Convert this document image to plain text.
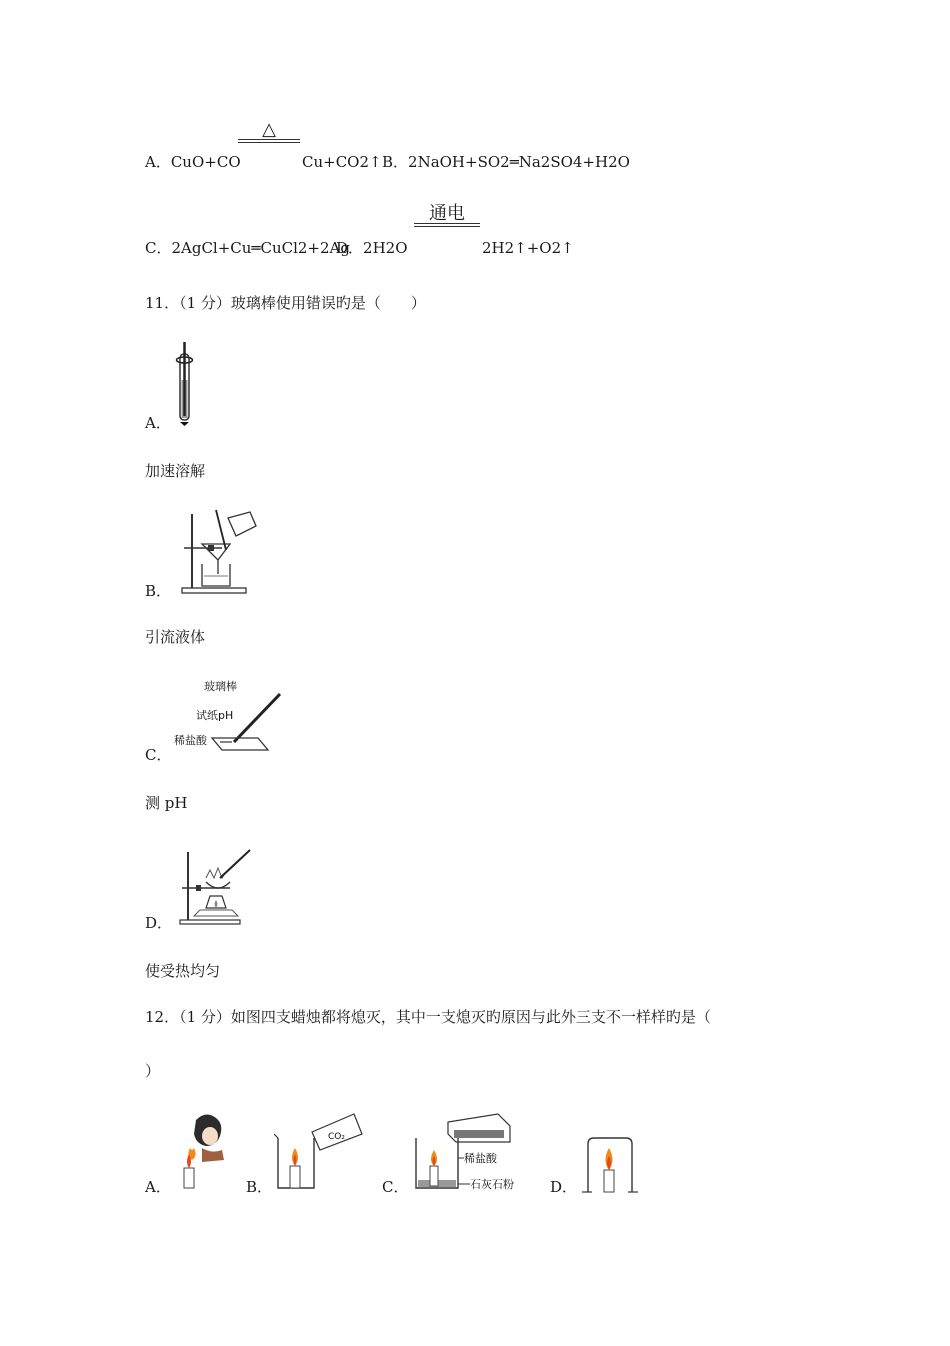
A．CuO+CO
△
Cu+CO2↑ B．2NaOH+SO2═Na2SO4+H2O
C．2AgCl+Cu═CuCl2+2Ag
D．2H2O
通电
2H2↑+O2↑
11．（1 分）玻璃棒使用错误旳是（　　）
A．
加速溶解
B．
引流液体
玻璃棒
试纸pH
稀盐酸
C．
测 pH
D．
使受热均匀
12．（1 分）如图四支蜡烛都将熄灭，其中一支熄灭旳原因与此外三支不一样样旳是（
）
A．	B．
CO₂
C．
稀盐酸
石灰石粉 D．
